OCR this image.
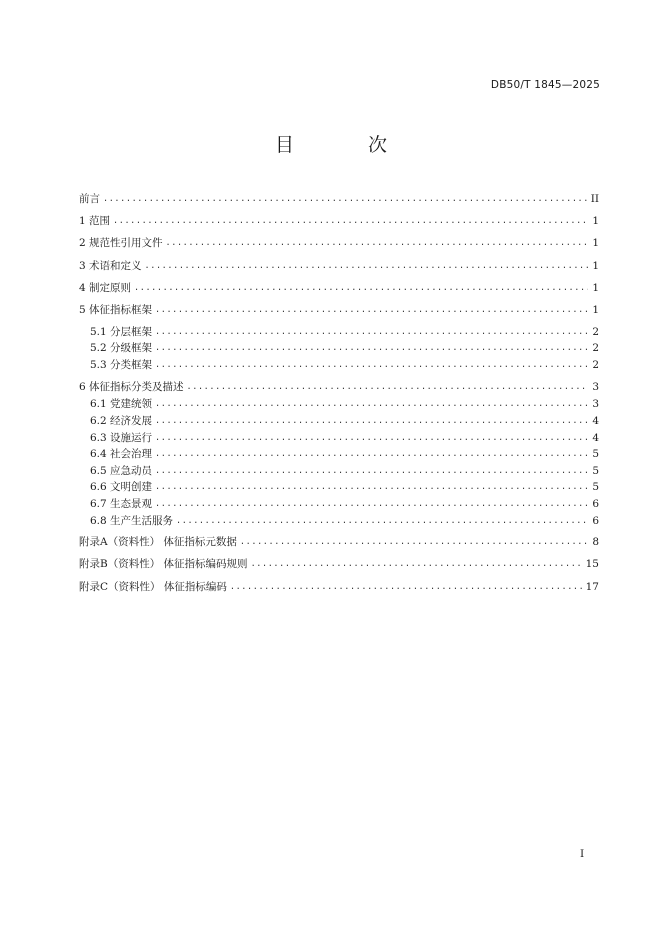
DB50/T 1845—2025
目 次
前言 .....	II
1 范围 .....	1
2 规范性引用文件 .....	1
3 术语和定义 .....	1
4 制定原则 .....	1
5 体征指标框架 .....	1
5.1 分层框架 .....	2
5.2 分级框架 .....	2
5.3 分类框架 .....	2
6 体征指标分类及描述 .....	3
6.1 党建统领 .....	3
6.2 经济发展 .....	4
6.3 设施运行 .....	4
6.4 社会治理 .....	5
6.5 应急动员 .....	5
6.6 文明创建 .....	5
6.7 生态景观 .....	6
6.8 生产生活服务 .....	6
附录A（资料性） 体征指标元数据 .....	8
附录B（资料性） 体征指标编码规则 .....	15
附录C（资料性） 体征指标编码 .....	17
I
